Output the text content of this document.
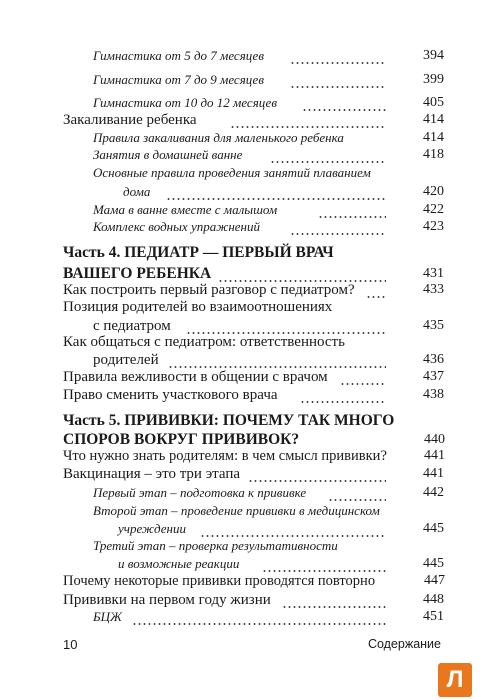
Гимнастика от 5 до 7 месяцев	394
Гимнастика от 7 до 9 месяцев	399
Гимнастика от 10 до 12 месяцев	405
Закаливание ребенка	414
Правила закаливания для маленького ребенка	414
Занятия в домашней ванне	418
Основные правила проведения занятий плаванием
дома	420
Мама в ванне вместе с малышом	422
Комплекс водных упражнений	423
Часть 4. ПЕДИАТР — ПЕРВЫЙ ВРАЧ
ВАШЕГО РЕБЕНКА	431
Как построить первый разговор с педиатром?	433
Позиция родителей во взаимоотношениях
с педиатром	435
Как общаться с педиатром: ответственность
родителей	436
Правила вежливости в общении с врачом	437
Право сменить участкового врача	438
Часть 5. ПРИВИВКИ: ПОЧЕМУ ТАК МНОГО
СПОРОВ ВОКРУГ ПРИВИВОК?	440
Что нужно знать родителям: в чем смысл прививки?	441
Вакцинация – это три этапа	441
Первый этап – подготовка к прививке	442
Второй этап – проведение прививки в медицинском
учреждении	445
Третий этап – проверка результативности
и возможные реакции	445
Почему некоторые прививки проводятся повторно	447
Прививки на первом году жизни	448
БЦЖ	451
10	Содержание
Л
